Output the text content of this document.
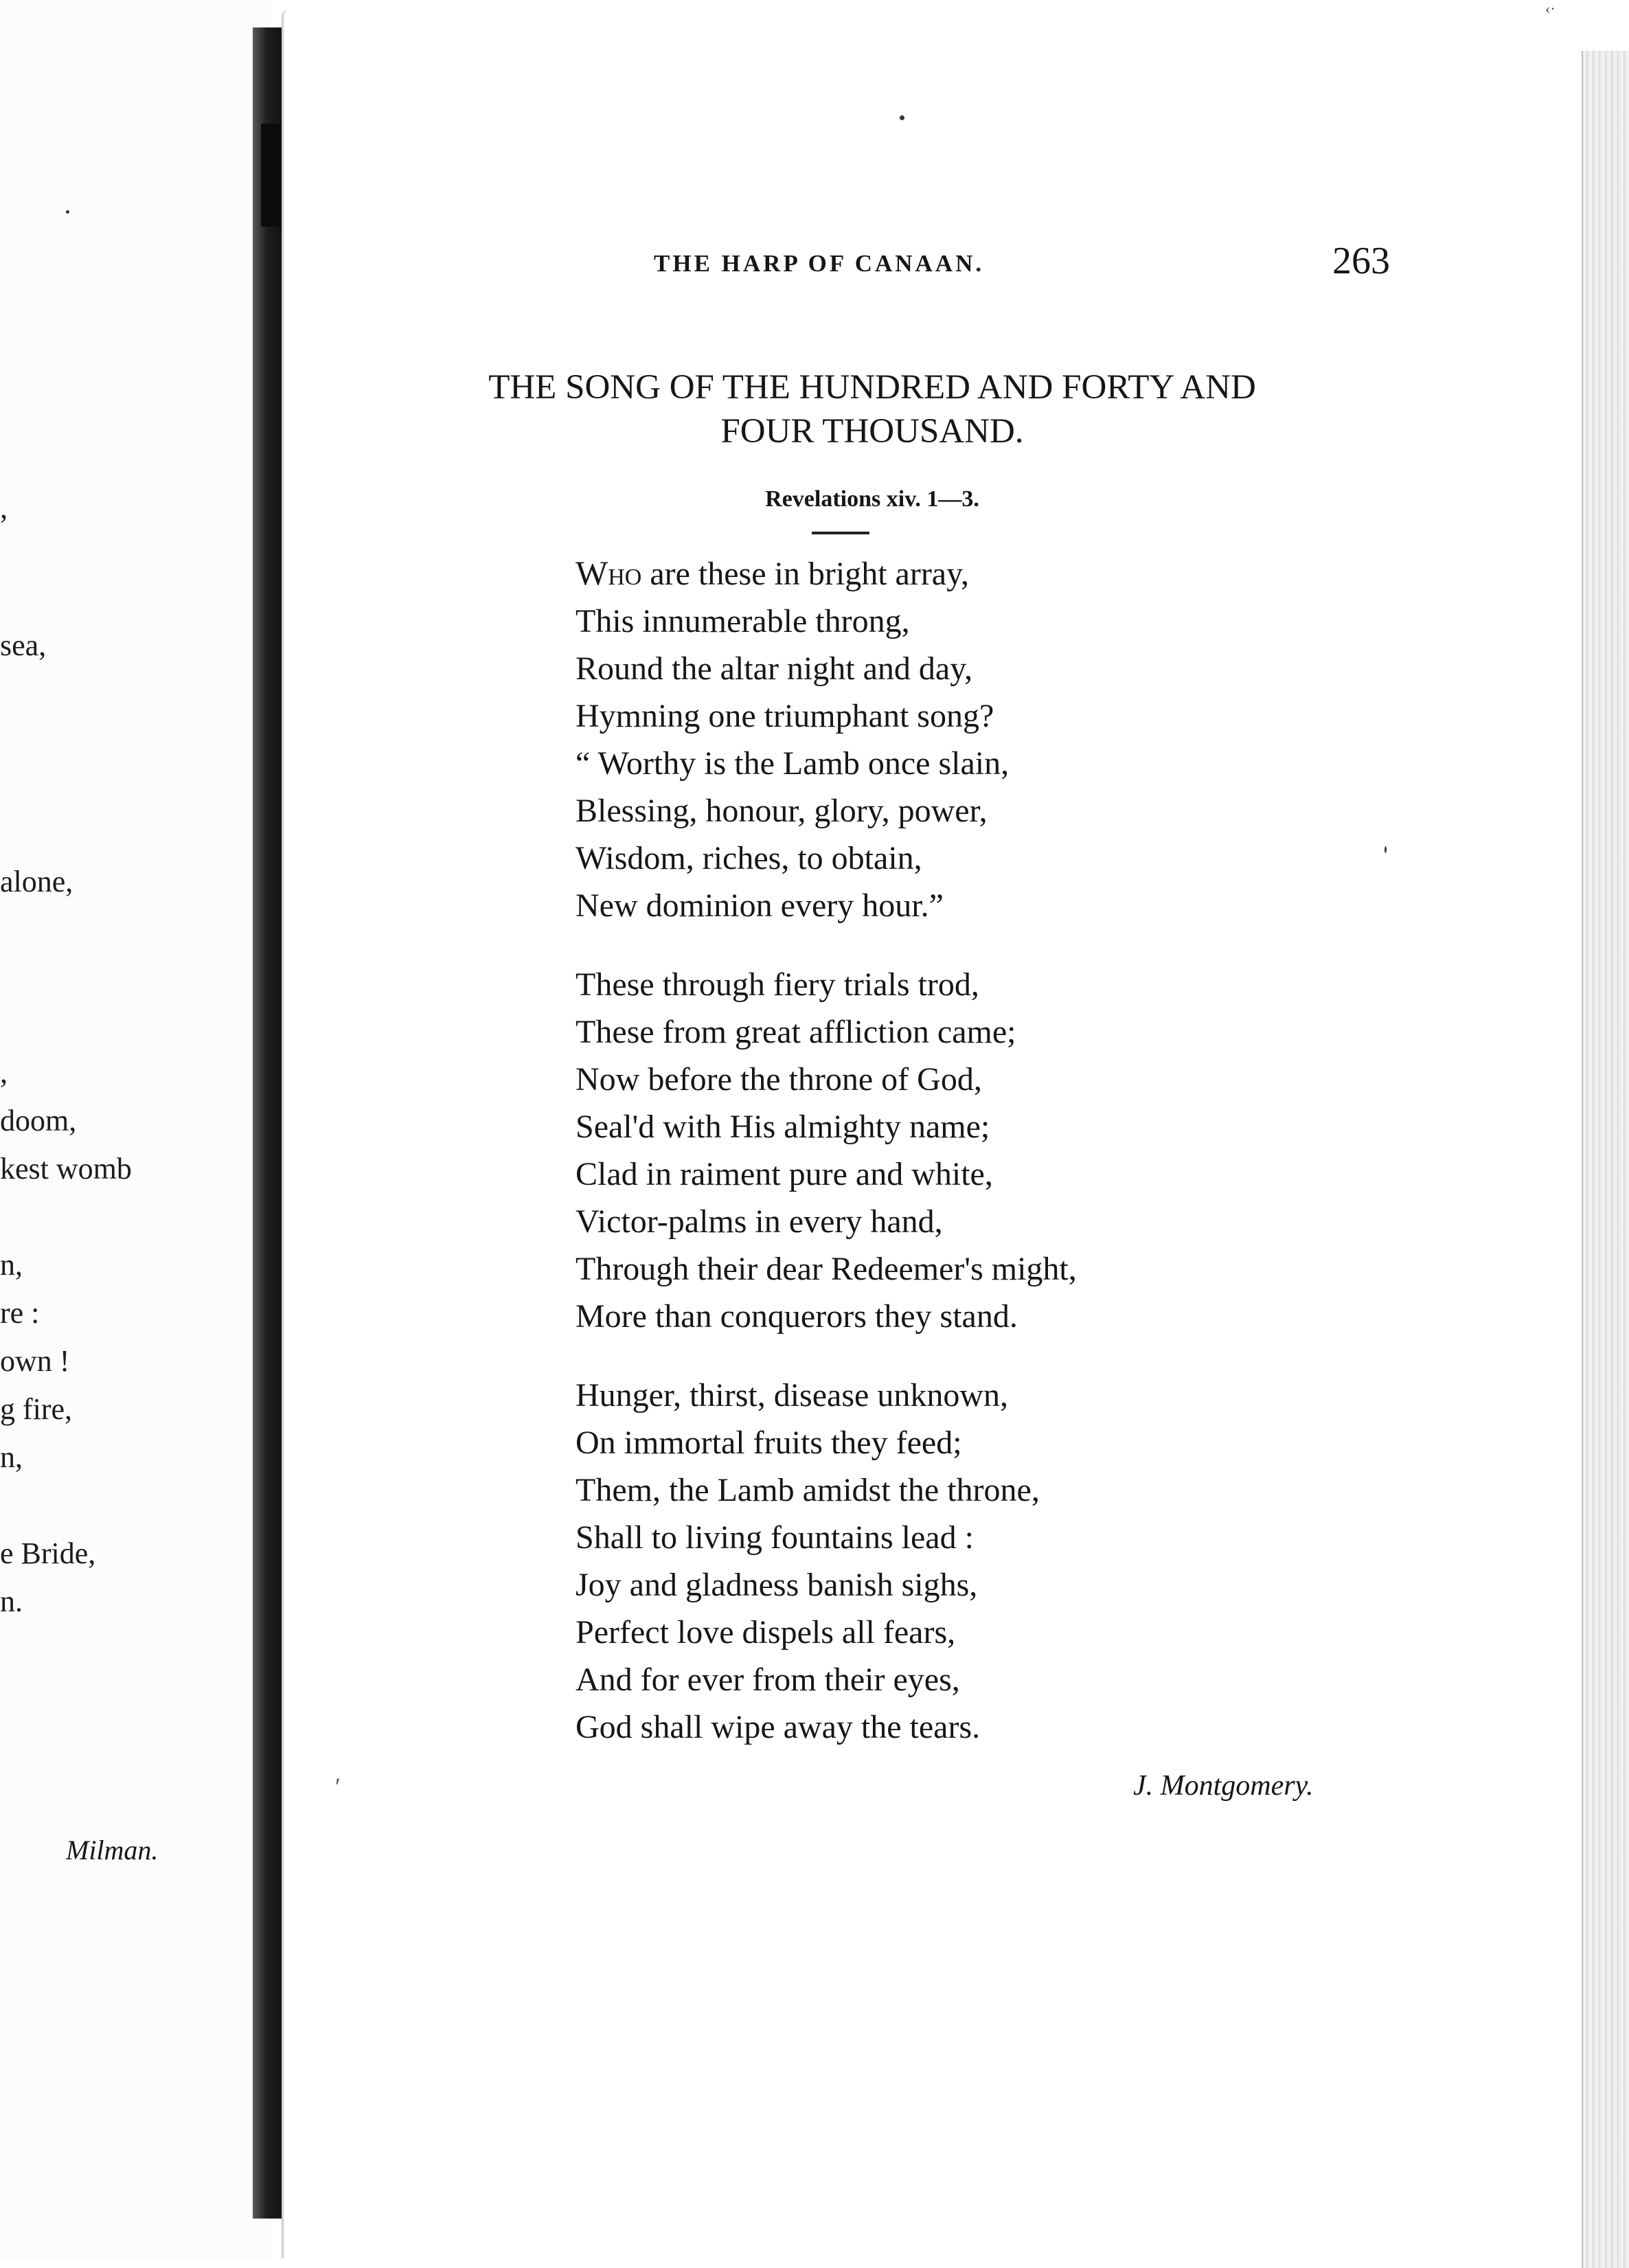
,
sea,
alone,
,
doom,
kest womb
n,
re :
own !
g fire,
n,
e Bride,
n.
Milman.
‹·
THE HARP OF CANAAN.	263
THE SONG OF THE HUNDRED AND FORTY AND
FOUR THOUSAND.
Revelations xiv. 1—3.
Who are these in bright array,
This innumerable throng,
Round the altar night and day,
Hymning one triumphant song?
“ Worthy is the Lamb once slain,
Blessing, honour, glory, power,
Wisdom, riches, to obtain,
New dominion every hour.”
These through fiery trials trod,
These from great affliction came;
Now before the throne of God,
Seal'd with His almighty name;
Clad in raiment pure and white,
Victor-palms in every hand,
Through their dear Redeemer's might,
More than conquerors they stand.
Hunger, thirst, disease unknown,
On immortal fruits they feed;
Them, the Lamb amidst the throne,
Shall to living fountains lead :
Joy and gladness banish sighs,
Perfect love dispels all fears,
And for ever from their eyes,
God shall wipe away the tears.
J. Montgomery.
′
